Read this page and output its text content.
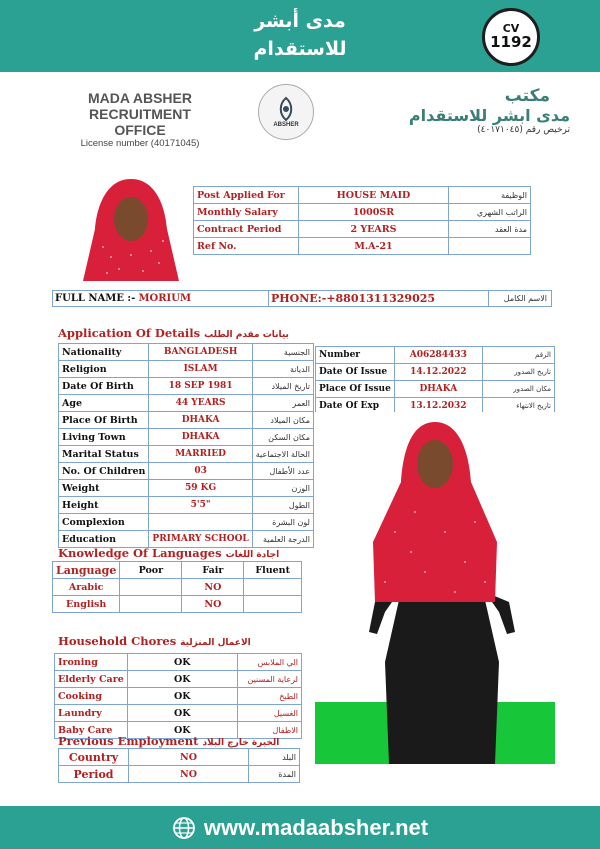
مدى أبشر
للاستقدام
CV
1192
MADA ABSHER RECRUITMENT
OFFICE
License number (40171045)
ABSHER
مكتب
مدى ابشر للاستقدام
ترخيص رقم (٤٠١٧١٠٤٥)
Post Applied For	HOUSE MAID	الوظيفة
Monthly Salary	1000SR	الراتب الشهري
Contract Period	2 YEARS	مدة العقد
Ref No.	M.A-21	
FULL NAME :- MORIUM	PHONE:- +8801311329025	الاسم الكامل
Application Of Details بيانات مقدم الطلب
Nationality	BANGLADESH	الجنسية
Religion	ISLAM	الديانة
Date Of Birth	18 SEP 1981	تاريخ الميلاد
Age	44 YEARS	العمر
Place Of Birth	DHAKA	مكان الميلاد
Living Town	DHAKA	مكان السكن
Marital Status	MARRIED	الحالة الاجتماعية
No. Of Children	03	عدد الأطفال
Weight	59 KG	الوزن
Height	5'5"	الطول
Complexion		لون البشرة
Education	PRIMARY SCHOOL	الدرجة العلمية
Number	A06284433	الرقم
Date Of Issue	14.12.2022	تاريخ الصدور
Place Of Issue	DHAKA	مكان الصدور
Date Of Exp	13.12.2032	تاريخ الانتهاء
Knowledge Of Languages اجادة اللغات
Language	Poor	Fair	Fluent
Arabic		NO	
English		NO	
Household Chores الاعمال المنزلية
Ironing	OK	الي الملابس
Elderly Care	OK	لرعاية المسنين
Cooking	OK	الطبخ
Laundry	OK	الغسيل
Baby Care	OK	الاطفال
Previous Employment الخبرة خارج البلاد
Country	NO	البلد
Period	NO	المدة
www.madaabsher.net
